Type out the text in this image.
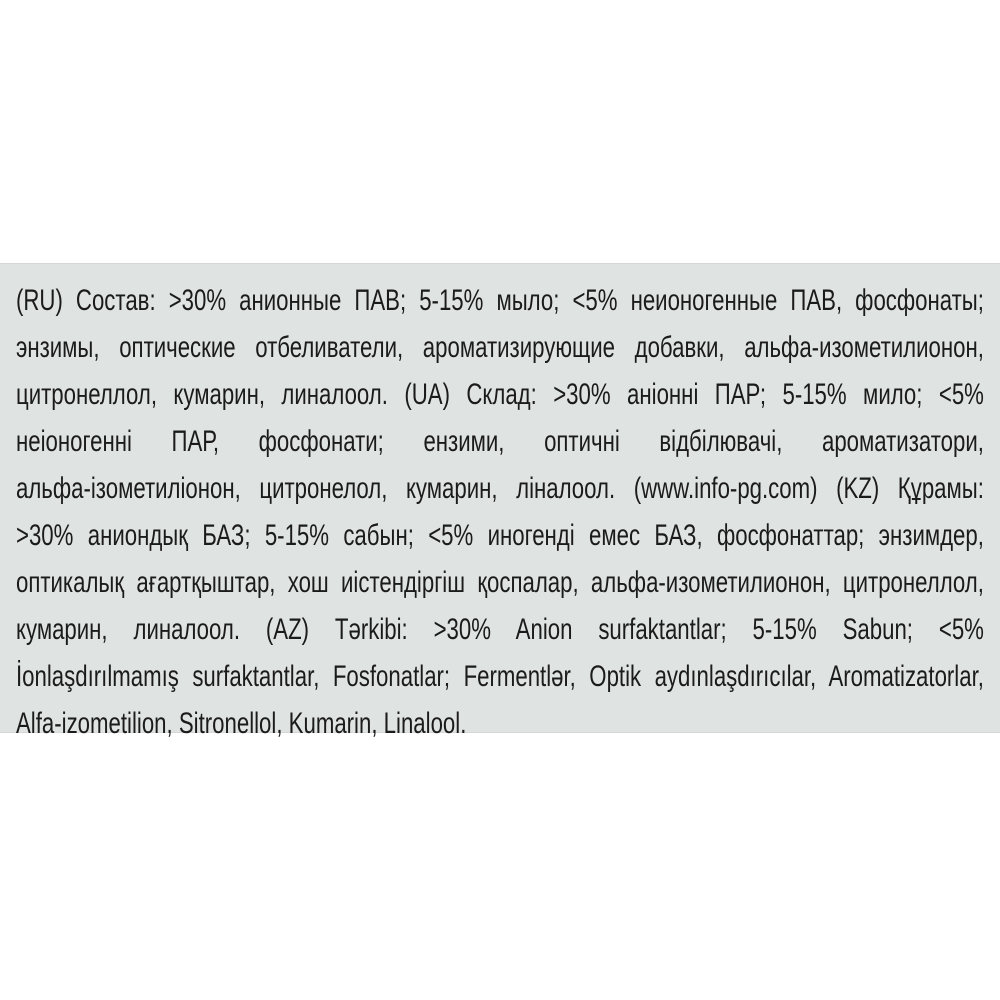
(RU) Состав: >30% анионные ПАВ; 5-15% мыло; <5% неионогенные ПАВ, фосфонаты;
энзимы, оптические отбеливатели, ароматизирующие добавки, альфа-изометилионон,
цитронеллол, кумарин, линалоол. (UA) Склад: >30% аніонні ПАР; 5-15% мило; <5%
неіоногенні ПАР, фосфонати; ензими, оптичні відбілювачі, ароматизатори,
альфа-ізометиліонон, цитронелол, кумарин, ліналоол. (www.info-pg.com) (KZ) Құрамы:
>30% аниондық БАЗ; 5-15% сабын; <5% иногенді емес БАЗ, фосфонаттар; энзимдер,
оптикалық ағартқыштар, хош иістендіргіш қоспалар, альфа-изометилионон, цитронеллол,
кумарин, линалоол. (AZ) Tərkibi: >30% Anion surfaktantlar; 5-15% Sabun; <5%
İonlaşdırılmamış surfaktantlar, Fosfonatlar; Fermentlər, Optik aydınlaşdırıcılar, Aromatizatorlar,
Alfa-izometilion, Sitronellol, Kumarin, Linalool.
